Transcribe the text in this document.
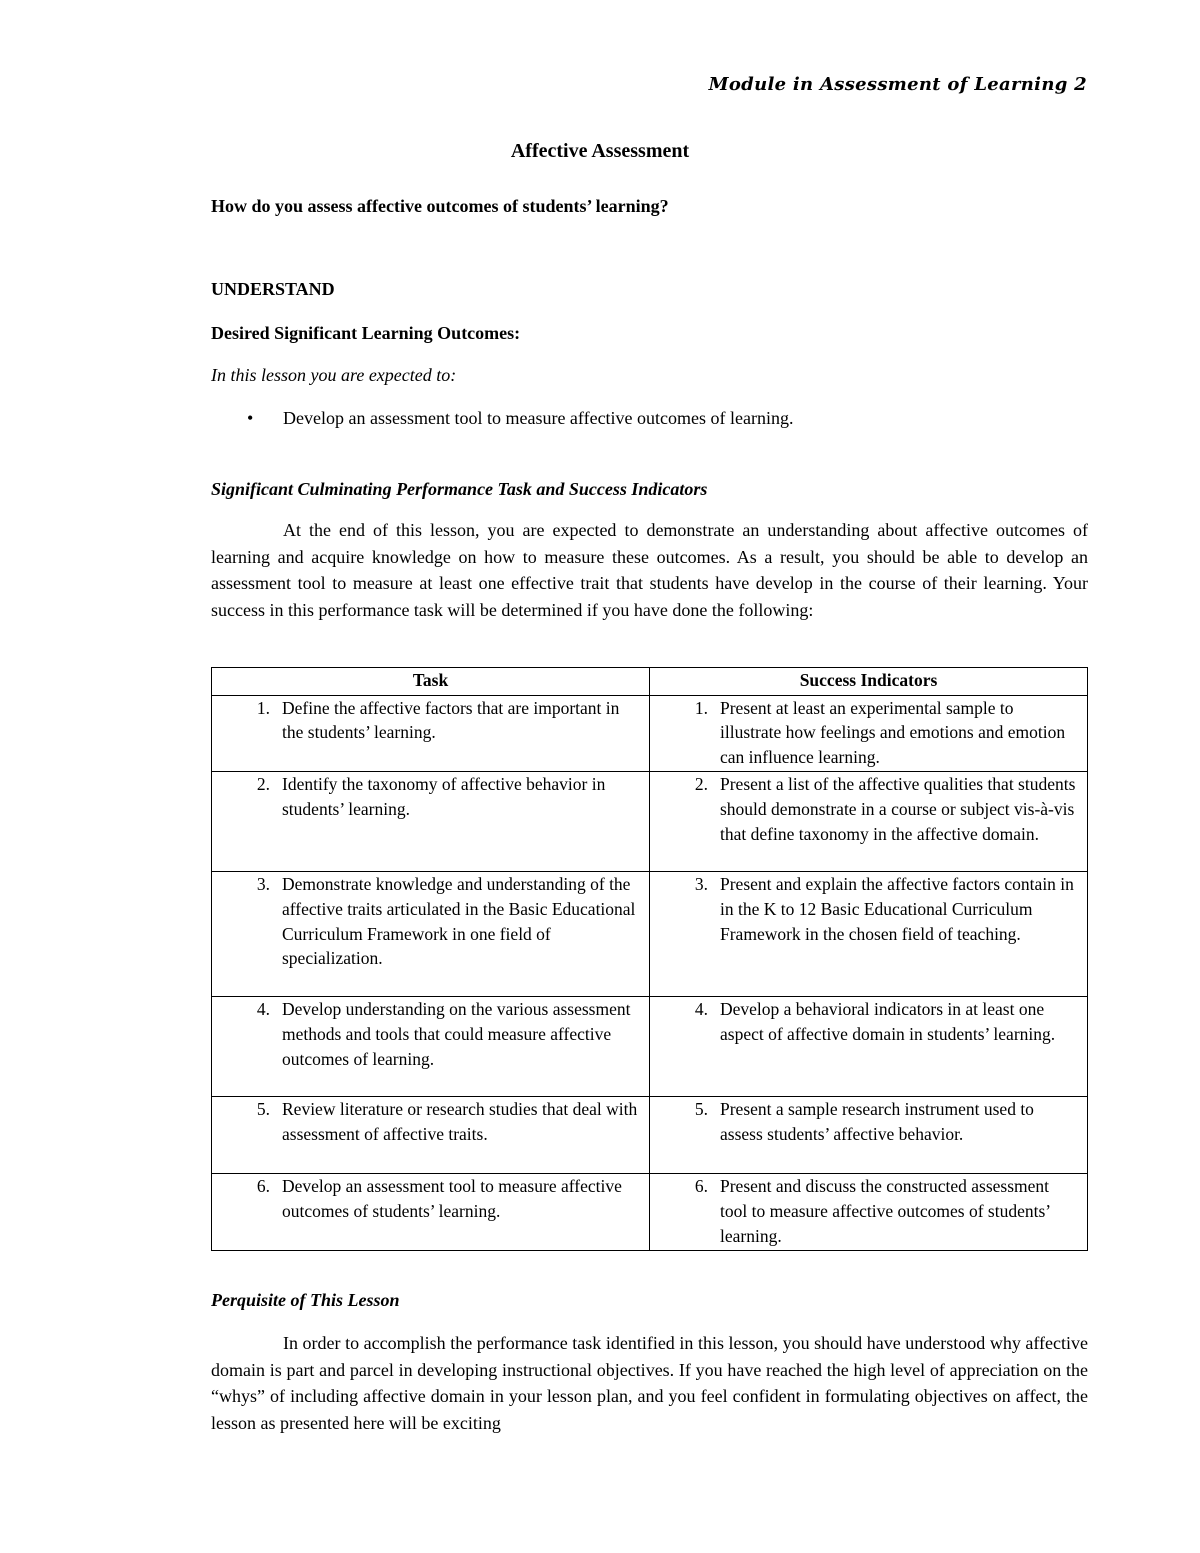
Module in Assessment of Learning 2
Affective Assessment
How do you assess affective outcomes of students’ learning?
UNDERSTAND
Desired Significant Learning Outcomes:
In this lesson you are expected to:
• Develop an assessment tool to measure affective outcomes of learning.
Significant Culminating Performance Task and Success Indicators
At the end of this lesson, you are expected to demonstrate an understanding about affective outcomes of learning and acquire knowledge on how to measure these outcomes. As a result, you should be able to develop an assessment tool to measure at least one effective trait that students have develop in the course of their learning. Your success in this performance task will be determined if you have done the following:
Task	Success Indicators

1. Define the affective factors that are important in the students’ learning.	1. Present at least an experimental sample to illustrate how feelings and emotions and emotion can influence learning.

2. Identify the taxonomy of affective behavior in students’ learning.	2. Present a list of the affective qualities that students should demonstrate in a course or subject vis-à-vis that define taxonomy in the affective domain.

3. Demonstrate knowledge and understanding of the affective traits articulated in the Basic Educational Curriculum Framework in one field of specialization.	3. Present and explain the affective factors contain in in the K to 12 Basic Educational Curriculum Framework in the chosen field of teaching.

4. Develop understanding on the various assessment methods and tools that could measure affective outcomes of learning.	4. Develop a behavioral indicators in at least one aspect of affective domain in students’ learning.

5. Review literature or research studies that deal with assessment of affective traits.	5. Present a sample research instrument used to assess students’ affective behavior.

6. Develop an assessment tool to measure affective outcomes of students’ learning.	6. Present and discuss the constructed assessment tool to measure affective outcomes of students’ learning.
Perquisite of This Lesson
In order to accomplish the performance task identified in this lesson, you should have understood why affective domain is part and parcel in developing instructional objectives. If you have reached the high level of appreciation on the “whys” of including affective domain in your lesson plan, and you feel confident in formulating objectives on affect, the lesson as presented here will be exciting
